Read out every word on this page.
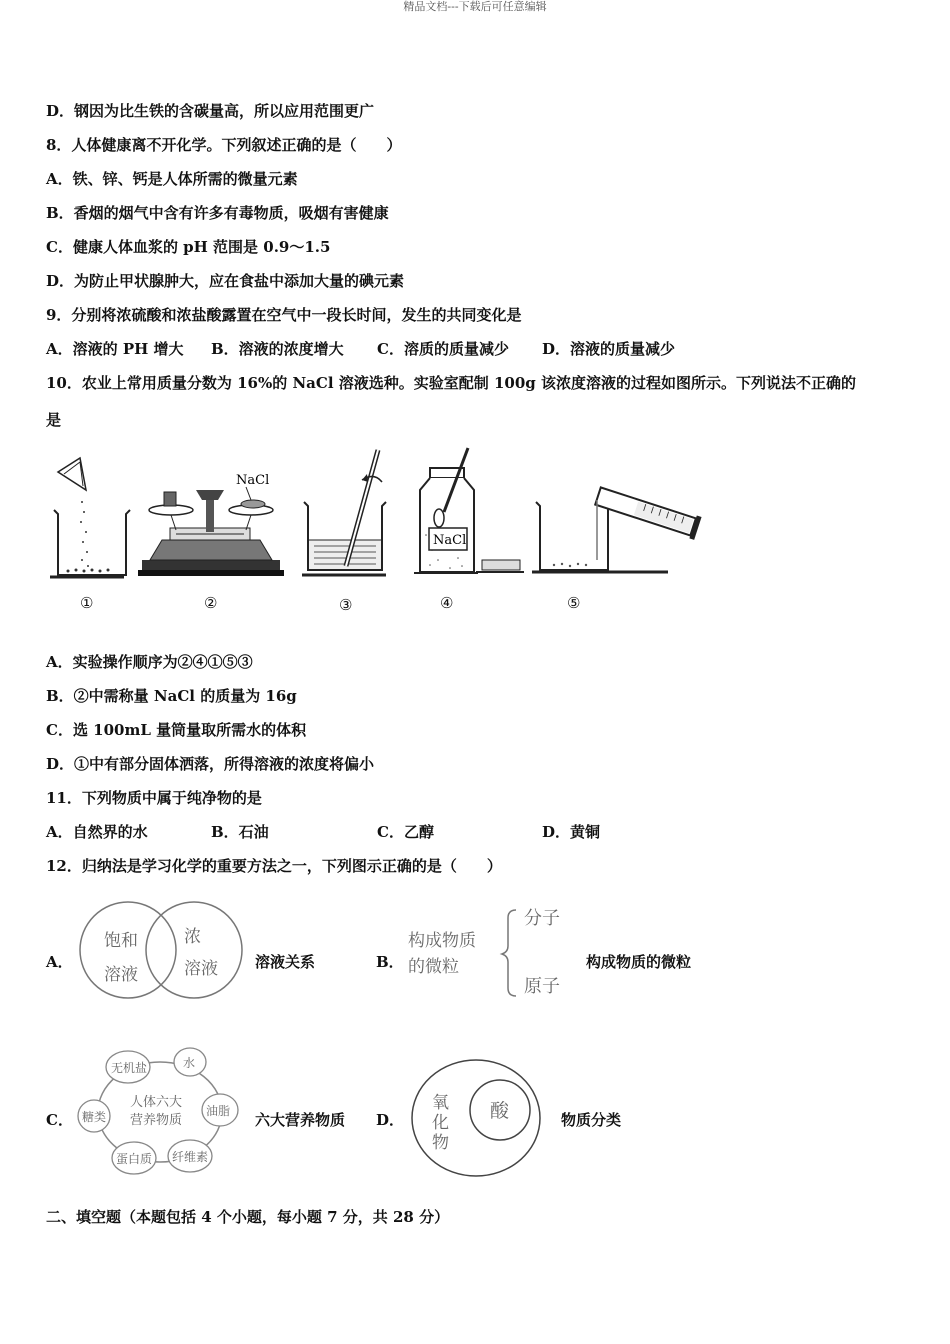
精品文档---下载后可任意编辑
D．钢因为比生铁的含碳量高，所以应用范围更广
8．人体健康离不开化学。下列叙述正确的是（　　）
A．铁、锌、钙是人体所需的微量元素
B．香烟的烟气中含有许多有毒物质，吸烟有害健康
C．健康人体血浆的 pH 范围是 0.9～1.5
D．为防止甲状腺肿大，应在食盐中添加大量的碘元素
9．分别将浓硫酸和浓盐酸露置在空气中一段长时间，发生的共同变化是
A．溶液的 PH 增大 B．溶液的浓度增大 C．溶质的质量减少 D．溶液的质量减少
10．农业上常用质量分数为 16%的 NaCl 溶液选种。实验室配制 100g 该浓度溶液的过程如图所示。下列说法不正确的
是
NaCl
NaCl
①	②	③	④	⑤
A．实验操作顺序为②④①⑤③
B．②中需称量 NaCl 的质量为 16g
C．选 100mL 量筒量取所需水的体积
D．①中有部分固体洒落，所得溶液的浓度将偏小
11．下列物质中属于纯净物的是
A．自然界的水	B．石油	C．乙醇	D．黄铜
12．归纳法是学习化学的重要方法之一，下列图示正确的是（　　）
A．
饱和
溶液
浓
溶液 溶液关系	B．
构成物质
的微粒
分子
原子
构成物质的微粒
C．
人体六大
营养物质
无机盐	水
油脂
纤维素
蛋白质
糖类	六大营养物质 D．
氧
化
物
酸	物质分类
二、填空题（本题包括 4 个小题，每小题 7 分，共 28 分）
